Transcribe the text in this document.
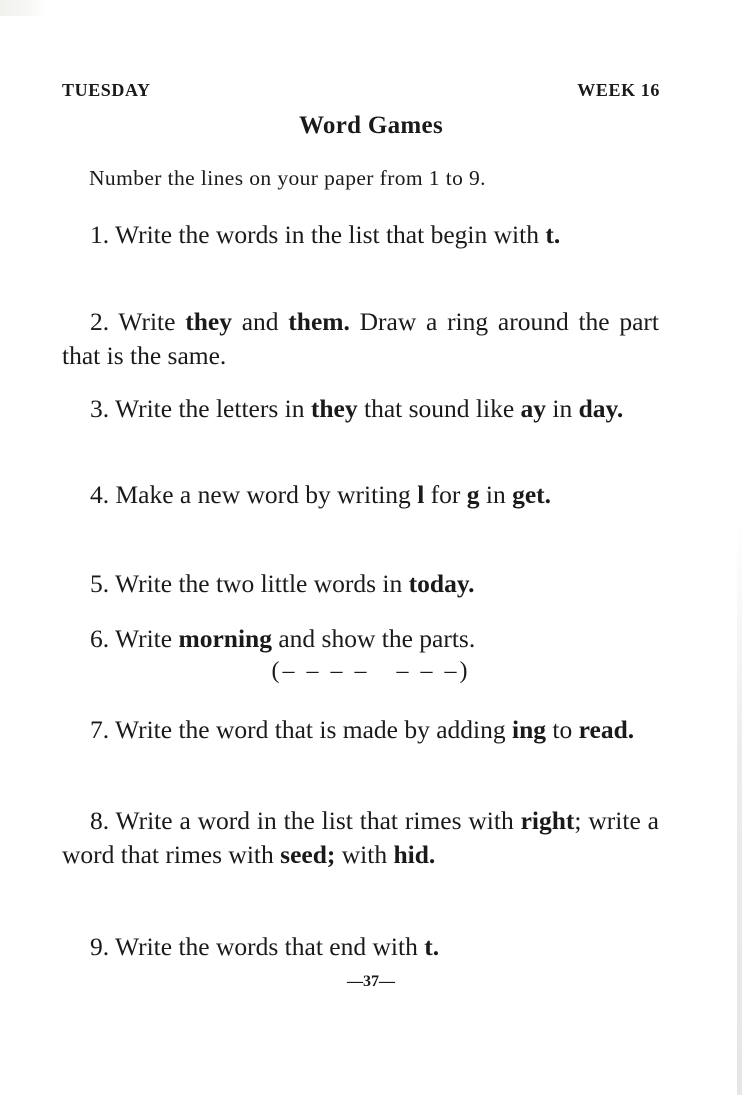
TUESDAY	WEEK 16
Word Games
Number the lines on your paper from 1 to 9.
1. Write the words in the list that begin with t.
2. Write they and them. Draw a ring around the part that is the same.
3. Write the letters in they that sound like ay in day.
4. Make a new word by writing l for g in get.
5. Write the two little words in today.
6. Write morning and show the parts.
(– – – –   – – –)
7. Write the word that is made by adding ing to read.
8. Write a word in the list that rimes with right; write a word that rimes with seed; with hid.
9. Write the words that end with t.
—37—
